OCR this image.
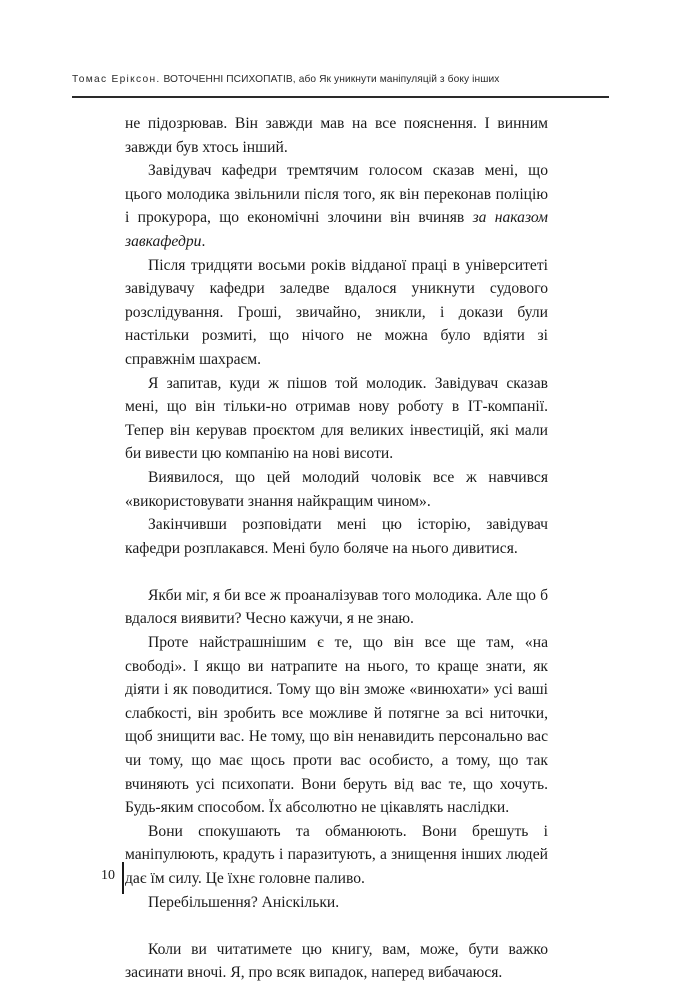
Томас Еріксон. ВОТОЧЕННІ ПСИХОПАТІВ, або Як уникнути маніпуляцій з боку інших

не підозрював. Він завжди мав на все пояснення. І винним завжди був хтось інший.

Завідувач кафедри тремтячим голосом сказав мені, що цього молодика звільнили після того, як він переконав поліцію і прокурора, що економічні злочини він вчиняв за наказом завкафедри.

Після тридцяти восьми років відданої праці в університеті завідувачу кафедри заледве вдалося уникнути судового розслідування. Гроші, звичайно, зникли, і докази були настільки розмиті, що нічого не можна було вдіяти зі справжнім шахраєм.

Я запитав, куди ж пішов той молодик. Завідувач сказав мені, що він тільки-но отримав нову роботу в ІТ-компанії. Тепер він керував проєктом для великих інвестицій, які мали би вивести цю компанію на нові висоти.

Виявилося, що цей молодий чоловік все ж навчився «використовувати знання найкращим чином».

Закінчивши розповідати мені цю історію, завідувач кафедри розплакався. Мені було боляче на нього дивитися.

Якби міг, я би все ж проаналізував того молодика. Але що б вдалося виявити? Чесно кажучи, я не знаю.

Проте найстрашнішим є те, що він все ще там, «на свободі». І якщо ви натрапите на нього, то краще знати, як діяти і як поводитися. Тому що він зможе «винюхати» усі ваші слабкості, він зробить все можливе й потягне за всі ниточки, щоб знищити вас. Не тому, що він ненавидить персонально вас чи тому, що має щось проти вас особисто, а тому, що так вчиняють усі психопати. Вони беруть від вас те, що хочуть. Будь-яким способом. Їх абсолютно не цікавлять наслідки.

Вони спокушають та обманюють. Вони брешуть і маніпулюють, крадуть і паразитують, а знищення інших людей дає їм силу. Це їхнє головне паливо.

Перебільшення? Аніскільки.

Коли ви читатимете цю книгу, вам, може, бути важко засинати вночі. Я, про всяк випадок, наперед вибачаюся.

10
